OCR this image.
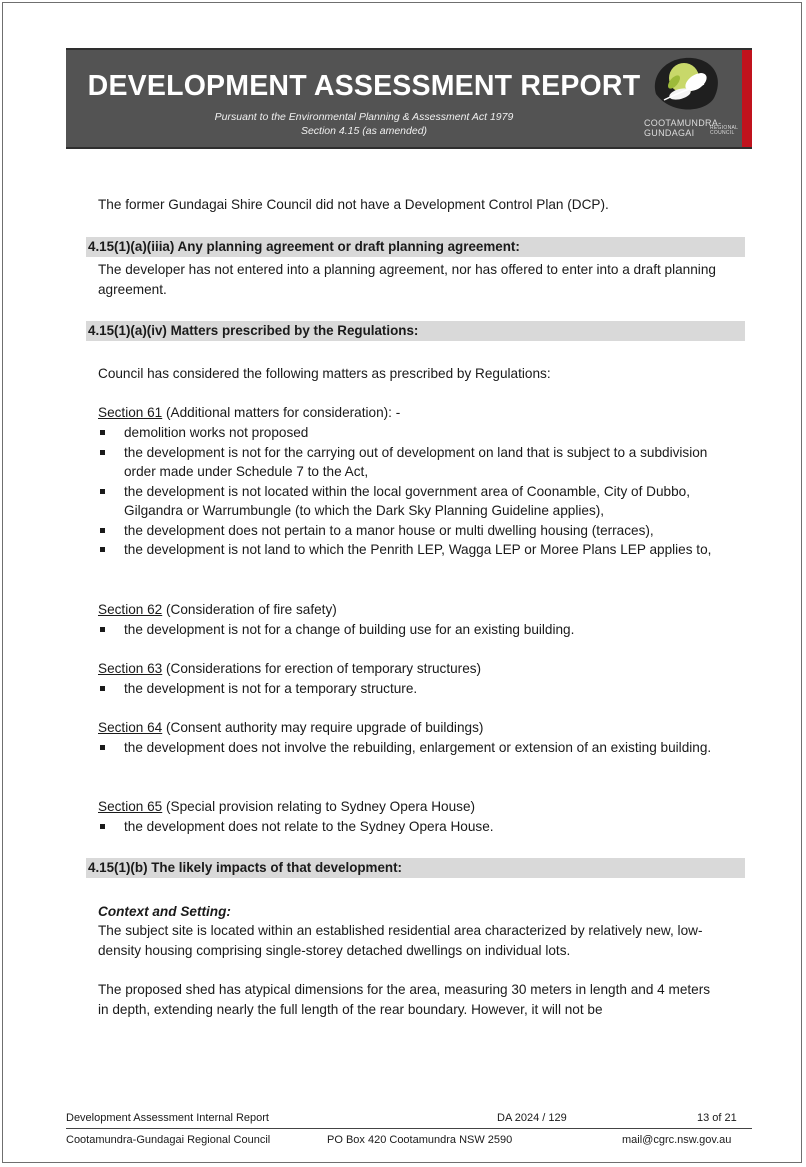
DEVELOPMENT ASSESSMENT REPORT
Pursuant to the Environmental Planning & Assessment Act 1979
Section 4.15 (as amended)
COOTAMUNDRA-
GUNDAGAI	REGIONAL COUNCIL
The former Gundagai Shire Council did not have a Development Control Plan (DCP).
4.15(1)(a)(iiia) Any planning agreement or draft planning agreement:
The developer has not entered into a planning agreement, nor has offered to enter into a draft planning agreement.
4.15(1)(a)(iv) Matters prescribed by the Regulations:
Council has considered the following matters as prescribed by Regulations:
Section 61 (Additional matters for consideration): -
demolition works not proposed
the development is not for the carrying out of development on land that is subject to a subdivision order made under Schedule 7 to the Act,
the development is not located within the local government area of Coonamble, City of Dubbo, Gilgandra or Warrumbungle (to which the Dark Sky Planning Guideline applies),
the development does not pertain to a manor house or multi dwelling housing (terraces),
the development is not land to which the Penrith LEP, Wagga LEP or Moree Plans LEP applies to,
Section 62 (Consideration of fire safety)
the development is not for a change of building use for an existing building.
Section 63 (Considerations for erection of temporary structures)
the development is not for a temporary structure.
Section 64 (Consent authority may require upgrade of buildings)
the development does not involve the rebuilding, enlargement or extension of an existing building.
Section 65 (Special provision relating to Sydney Opera House)
the development does not relate to the Sydney Opera House.
4.15(1)(b) The likely impacts of that development:
Context and Setting:
The subject site is located within an established residential area characterized by relatively new, low-density housing comprising single-storey detached dwellings on individual lots.
The proposed shed has atypical dimensions for the area, measuring 30 meters in length and 4 meters in depth, extending nearly the full length of the rear boundary. However, it will not be
Development Assessment Internal Report	DA 2024 / 129	13 of 21
Cootamundra-Gundagai Regional Council	PO Box 420 Cootamundra NSW 2590	mail@cgrc.nsw.gov.au
